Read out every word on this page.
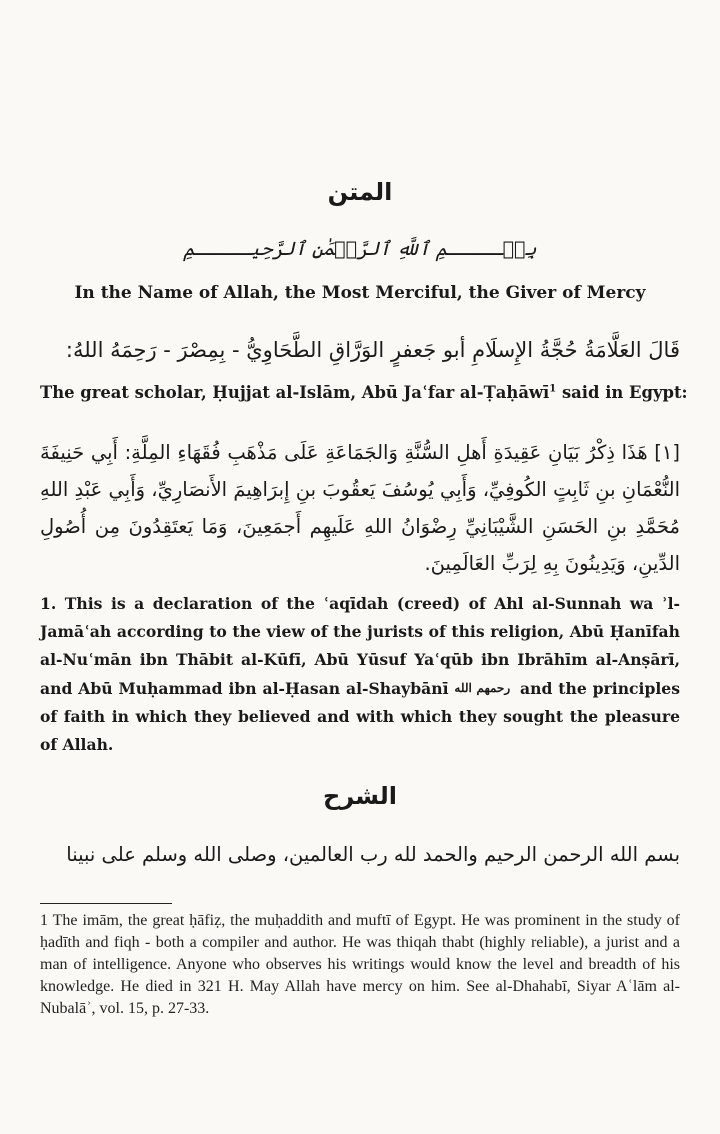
المتن
بِسۡـــــمِ ٱللَّهِ ٱلرَّحۡمَٰنِ ٱلرَّحِيـــــمِ
In the Name of Allah, the Most Merciful, the Giver of Mercy
قَالَ العَلَّامَةُ حُجَّةُ الإِسلَامِ أبو جَعفرٍ الوَرَّاقِ الطَّحَاوِيُّ - بِمِصْرَ - رَحِمَهُ اللهُ:
The great scholar, Ḥujjat al-Islām, Abū Jaʿfar al-Ṭaḥāwī$^1$ said in Egypt:
[١] هَذَا ذِكْرُ بَيَانِ عَقِيدَةِ أَهلِ السُّنَّةِ وَالجَمَاعَةِ عَلَى مَذْهَبِ فُقَهَاءِ المِلَّةِ: أَبِي حَنِيفَةَ النُّعْمَانِ بنِ ثَابِتٍ الكُوفِيِّ، وَأَبِي يُوسُفَ يَعقُوبَ بنِ إِبرَاهِيمَ الأَنصَارِيِّ، وَأَبِي عَبْدِ اللهِ مُحَمَّدِ بنِ الحَسَنِ الشَّيْبَانِيِّ رِضْوَانُ اللهِ عَلَيهِم أَجمَعِينَ، وَمَا يَعتَقِدُونَ مِن أُصُولِ الدِّينِ، وَيَدِينُونَ بِهِ لِرَبِّ العَالَمِينَ.
1. This is a declaration of the ʿaqīdah (creed) of Ahl al-Sunnah wa ʾl-Jamāʿah according to the view of the jurists of this religion, Abū Ḥanīfah al-Nuʿmān ibn Thābit al-Kūfī, Abū Yūsuf Yaʿqūb ibn Ibrāhīm al-Anṣārī, and Abū Muḥammad ibn al-Ḥasan al-Shaybānī رحمهم الله and the principles of faith in which they believed and with which they sought the pleasure of Allah.
الشرح
بسم الله الرحمن الرحيم والحمد لله رب العالمين، وصلى الله وسلم على نبينا
1 The imām, the great ḥāfiẓ, the muḥaddith and muftī of Egypt. He was prominent in the study of ḥadīth and fiqh - both a compiler and author. He was thiqah thabt (highly reliable), a jurist and a man of intelligence. Anyone who observes his writings would know the level and breadth of his knowledge. He died in 321 H. May Allah have mercy on him. See al-Dhahabī, Siyar Aʿlām al-Nubalāʾ, vol. 15, p. 27-33.
